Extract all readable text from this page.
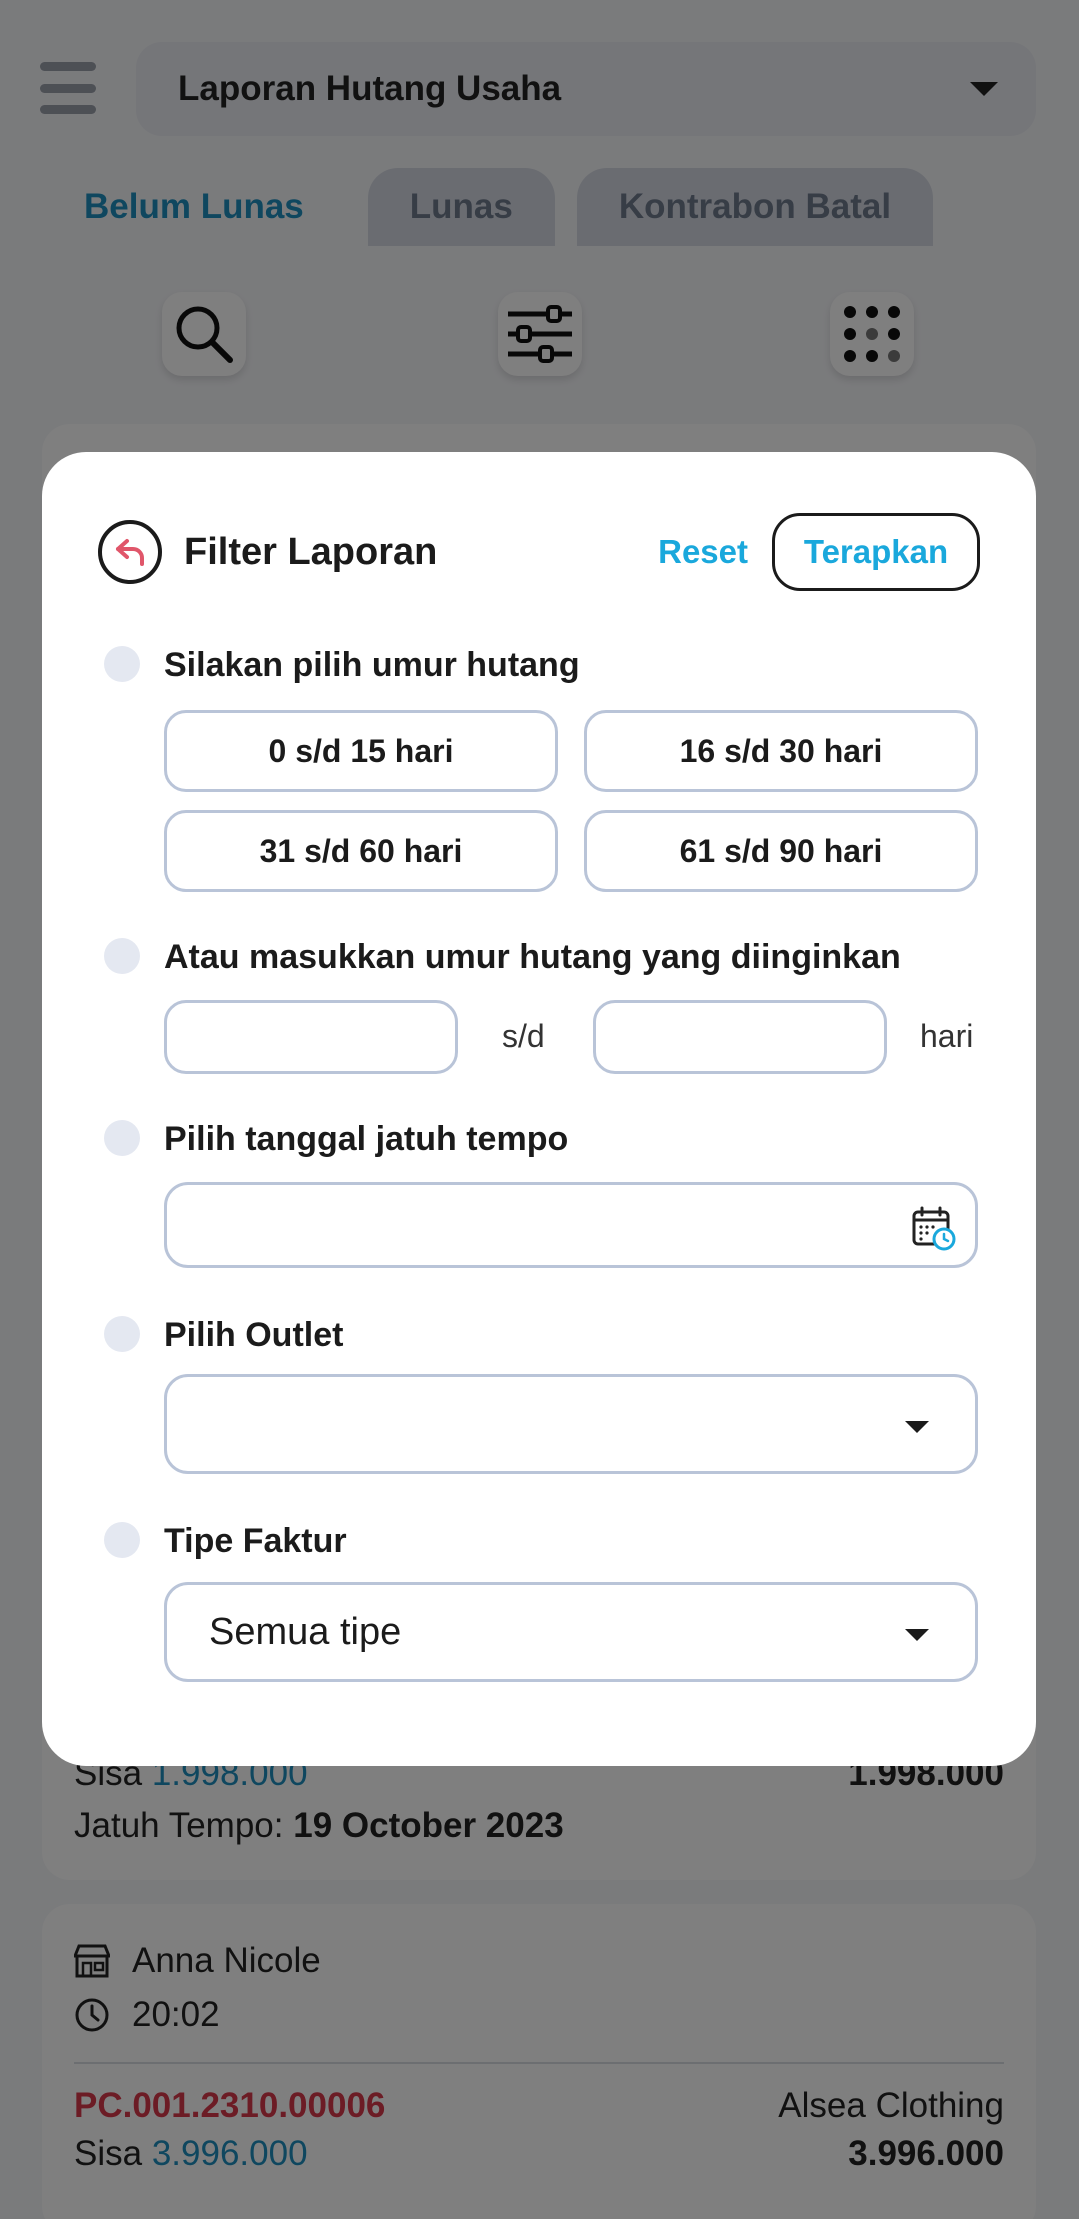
Filter Laporan	Reset	Terapkan
Silakan pilih umur hutang
0 s/d 15 hari	16 s/d 30 hari
31 s/d 60 hari	61 s/d 90 hari
Atau masukkan umur hutang yang diinginkan
s/d	hari
Pilih tanggal jatuh tempo
Pilih Outlet
Tipe Faktur
Semua tipe
